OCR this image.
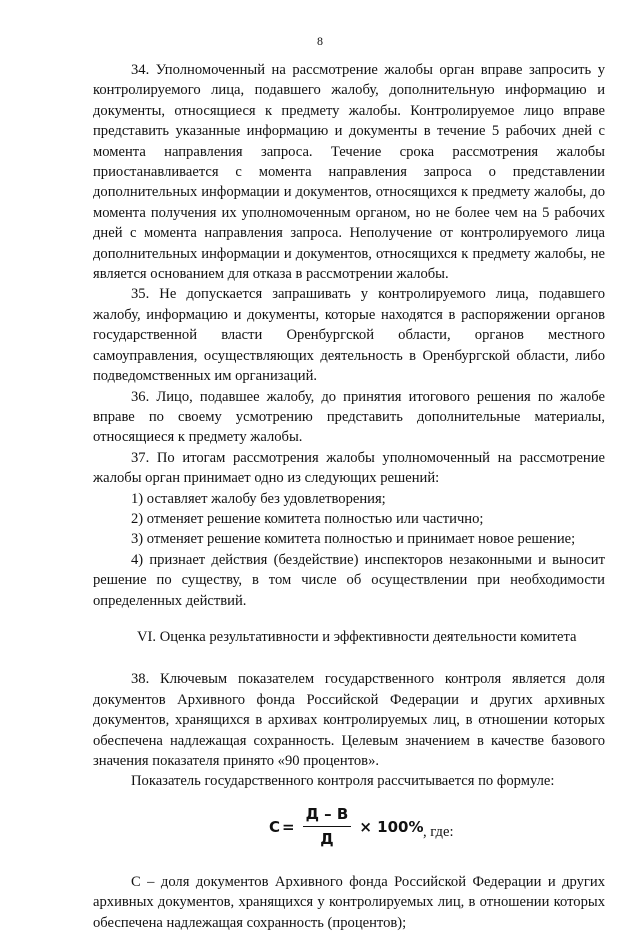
8

34. Уполномоченный на рассмотрение жалобы орган вправе запросить у контролируемого лица, подавшего жалобу, дополнительную информацию и документы, относящиеся к предмету жалобы. Контролируемое лицо вправе представить указанные информацию и документы в течение 5 рабочих дней с момента направления запроса. Течение срока рассмотрения жалобы приостанавливается с момента направления запроса о представлении дополнительных информации и документов, относящихся к предмету жалобы, до момента получения их уполномоченным органом, но не более чем на 5 рабочих дней с момента направления запроса. Неполучение от контролируемого лица дополнительных информации и документов, относящихся к предмету жалобы, не является основанием для отказа в рассмотрении жалобы.

35. Не допускается запрашивать у контролируемого лица, подавшего жалобу, информацию и документы, которые находятся в распоряжении органов государственной власти Оренбургской области, органов местного самоуправления, осуществляющих деятельность в Оренбургской области, либо подведомственных им организаций.

36. Лицо, подавшее жалобу, до принятия итогового решения по жалобе вправе по своему усмотрению представить дополнительные материалы, относящиеся к предмету жалобы.

37. По итогам рассмотрения жалобы уполномоченный на рассмотрение жалобы орган принимает одно из следующих решений:

1) оставляет жалобу без удовлетворения;

2) отменяет решение комитета полностью или частично;

3) отменяет решение комитета полностью и принимает новое решение;

4) признает действия (бездействие) инспекторов незаконными и выносит решение по существу, в том числе об осуществлении при необходимости определенных действий.

VI. Оценка результативности и эффективности деятельности комитета

38. Ключевым показателем государственного контроля является доля документов Архивного фонда Российской Федерации и других архивных документов, хранящихся в архивах контролируемых лиц, в отношении которых обеспечена надлежащая сохранность. Целевым значением в качестве базового значения показателя принято «90 процентов».

Показатель государственного контроля рассчитывается по формуле:

$C = \frac{Д - В}{Д} \times 100\%$ , где:

C – доля документов Архивного фонда Российской Федерации и других архивных документов, хранящихся у контролируемых лиц, в отношении которых обеспечена надлежащая сохранность (процентов);
